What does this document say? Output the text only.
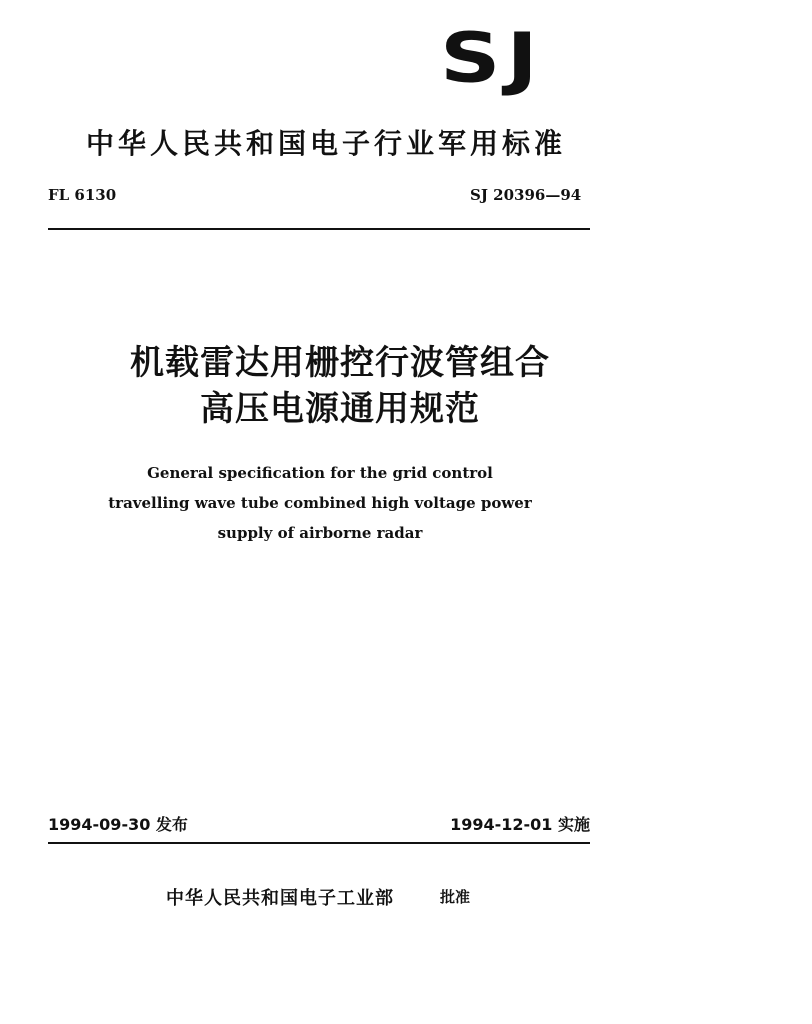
SJ
中华人民共和国电子行业军用标准
FL 6130	SJ 20396—94
机载雷达用栅控行波管组合
高压电源通用规范
General specification for the grid control
travelling wave tube combined high voltage power
supply of airborne radar
1994-09-30 发布	1994-12-01 实施
中华人民共和国电子工业部	批准
